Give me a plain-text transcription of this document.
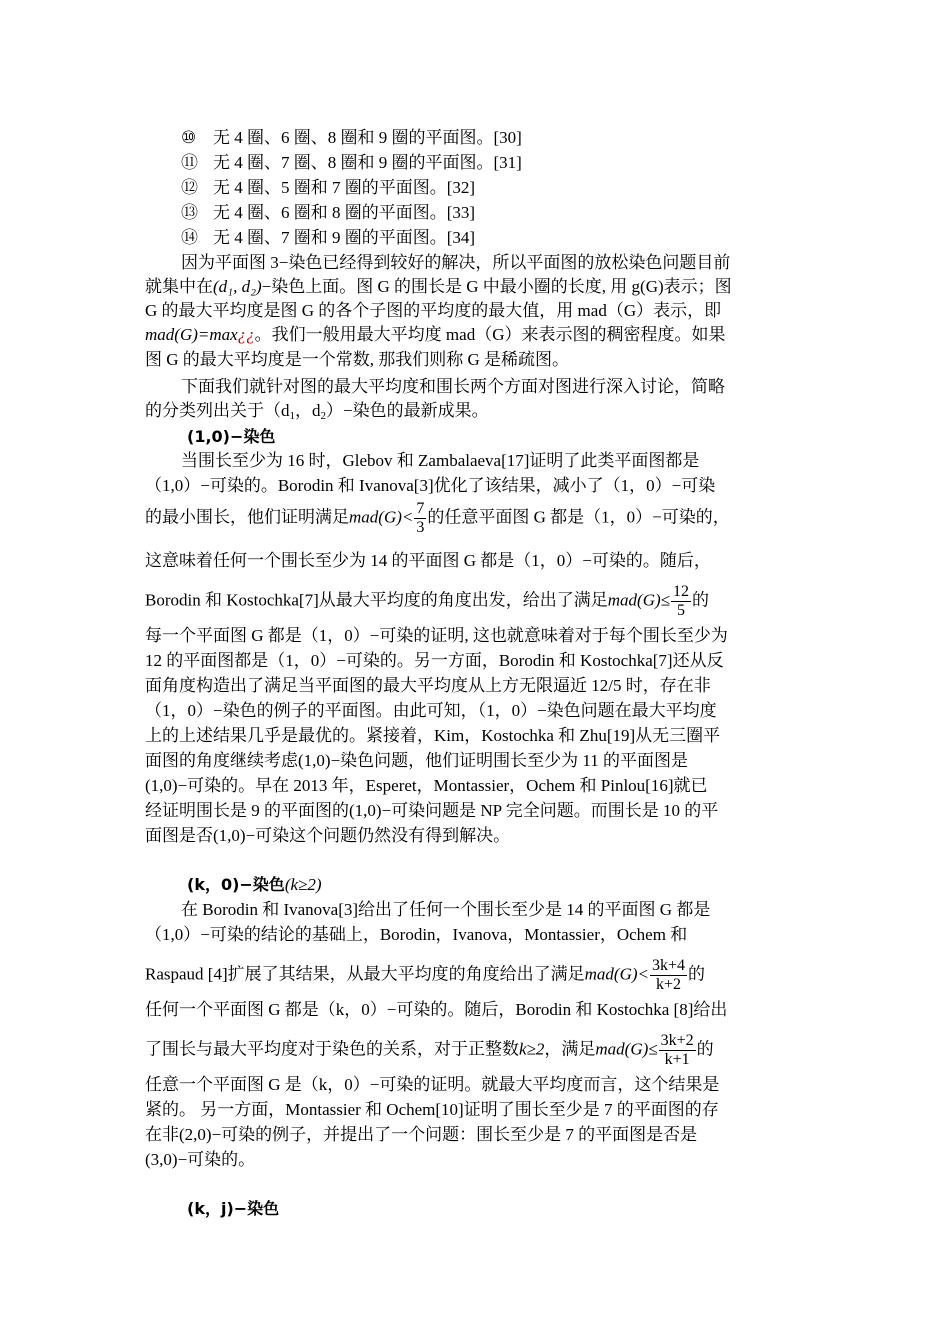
⑩ 无 4 圈、6 圈、8 圈和 9 圈的平面图。[30]
⑪ 无 4 圈、7 圈、8 圈和 9 圈的平面图。[31]
⑫ 无 4 圈、5 圈和 7 圈的平面图。[32]
⑬ 无 4 圈、6 圈和 8 圈的平面图。[33]
⑭ 无 4 圈、7 圈和 9 圈的平面图。[34]
因为平面图 3−染色已经得到较好的解决，所以平面图的放松染色问题目前
就集中在(d₁, d₂)−染色上面。图 G 的围长是 G 中最小圈的长度, 用 g(G)表示；图
G 的最大平均度是图 G 的各个子图的平均度的最大值，用 mad（G）表示，即
mad(G)=max¿¿。我们一般用最大平均度 mad（G）来表示图的稠密程度。如果
图 G 的最大平均度是一个常数, 那我们则称 G 是稀疏图。
下面我们就针对图的最大平均度和围长两个方面对图进行深入讨论，简略
的分类列出关于（$d_1$，$d_2)-$染色的最新成果。
(1,0)−染色
当围长至少为 16 时，Glebov 和 Zambalaeva[17]证明了此类平面图都是
（1,0）−可染的。Borodin 和 Ivanova[3]优化了该结果，减小了（1，0）−可染
的最小围长，他们证明满足$mad(G)< \frac{7}{3}$ 的任意平面图 G 都是（1，0）−可染的，
这意味着任何一个围长至少为 14 的平面图 G 都是（1，0）−可染的。随后，
Borodin 和 Kostochka[7]从最大平均度的角度出发，给出了满足$mad(G)\le \frac{12}{5}$ 的
每一个平面图 G 都是（1，0）−可染的证明, 这也就意味着对于每个围长至少为
12 的平面图都是（1，0）−可染的。另一方面，Borodin 和 Kostochka[7]还从反
面角度构造出了满足当平面图的最大平均度从上方无限逼近 12/5 时，存在非
（1，0）−染色的例子的平面图。由此可知，（1，0）−染色问题在最大平均度
上的上述结果几乎是最优的。紧接着，Kim，Kostochka 和 Zhu[19]从无三圈平
面图的角度继续考虑(1,0)−染色问题，他们证明围长至少为 11 的平面图是
(1,0)−可染的。早在 2013 年，Esperet，Montassier，Ochem 和 Pinlou[16]就已
经证明围长是 9 的平面图的(1,0)−可染问题是 NP 完全问题。而围长是 10 的平
面图是否(1,0)−可染这个问题仍然没有得到解决。
(k，0)−染色(k≥2)
在 Borodin 和 Ivanova[3]给出了任何一个围长至少是 14 的平面图 G 都是
（1,0）−可染的结论的基础上，Borodin，Ivanova，Montassier，Ochem 和
Raspaud [4]扩展了其结果，从最大平均度的角度给出了满足$mad(G)< \frac{3k+4}{k+2}$ 的
任何一个平面图 G 都是（k，0）−可染的。随后，Borodin 和 Kostochka [8]给出
了围长与最大平均度对于染色的关系，对于正整数k≥2，满足$mad(G)\le \frac{3k+2}{k+1}$ 的
任意一个平面图 G 是（k，0）−可染的证明。就最大平均度而言，这个结果是
紧的。 另一方面，Montassier 和 Ochem[10]证明了围长至少是 7 的平面图的存
在非(2,0)−可染的例子，并提出了一个问题：围长至少是 7 的平面图是否是
(3,0)−可染的。
(k，j)−染色
